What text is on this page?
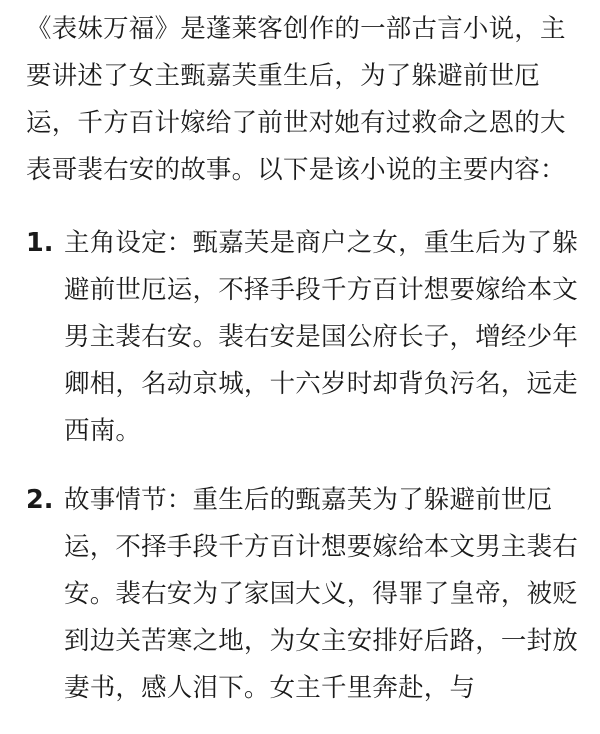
《表妹万福》是蓬莱客创作的一部古言小说，主要讲述了女主甄嘉芙重生后，为了躲避前世厄运，千方百计嫁给了前世对她有过救命之恩的大表哥裴右安的故事。以下是该小说的主要内容：

1. 主角设定：甄嘉芙是商户之女，重生后为了躲避前世厄运，不择手段千方百计想要嫁给本文男主裴右安。裴右安是国公府长子，增经少年卿相，名动京城，十六岁时却背负污名，远走西南。
2. 故事情节：重生后的甄嘉芙为了躲避前世厄运，不择手段千方百计想要嫁给本文男主裴右安。裴右安为了家国大义，得罪了皇帝，被贬到边关苦寒之地，为女主安排好后路，一封放妻书，感人泪下。女主千里奔赴，与
